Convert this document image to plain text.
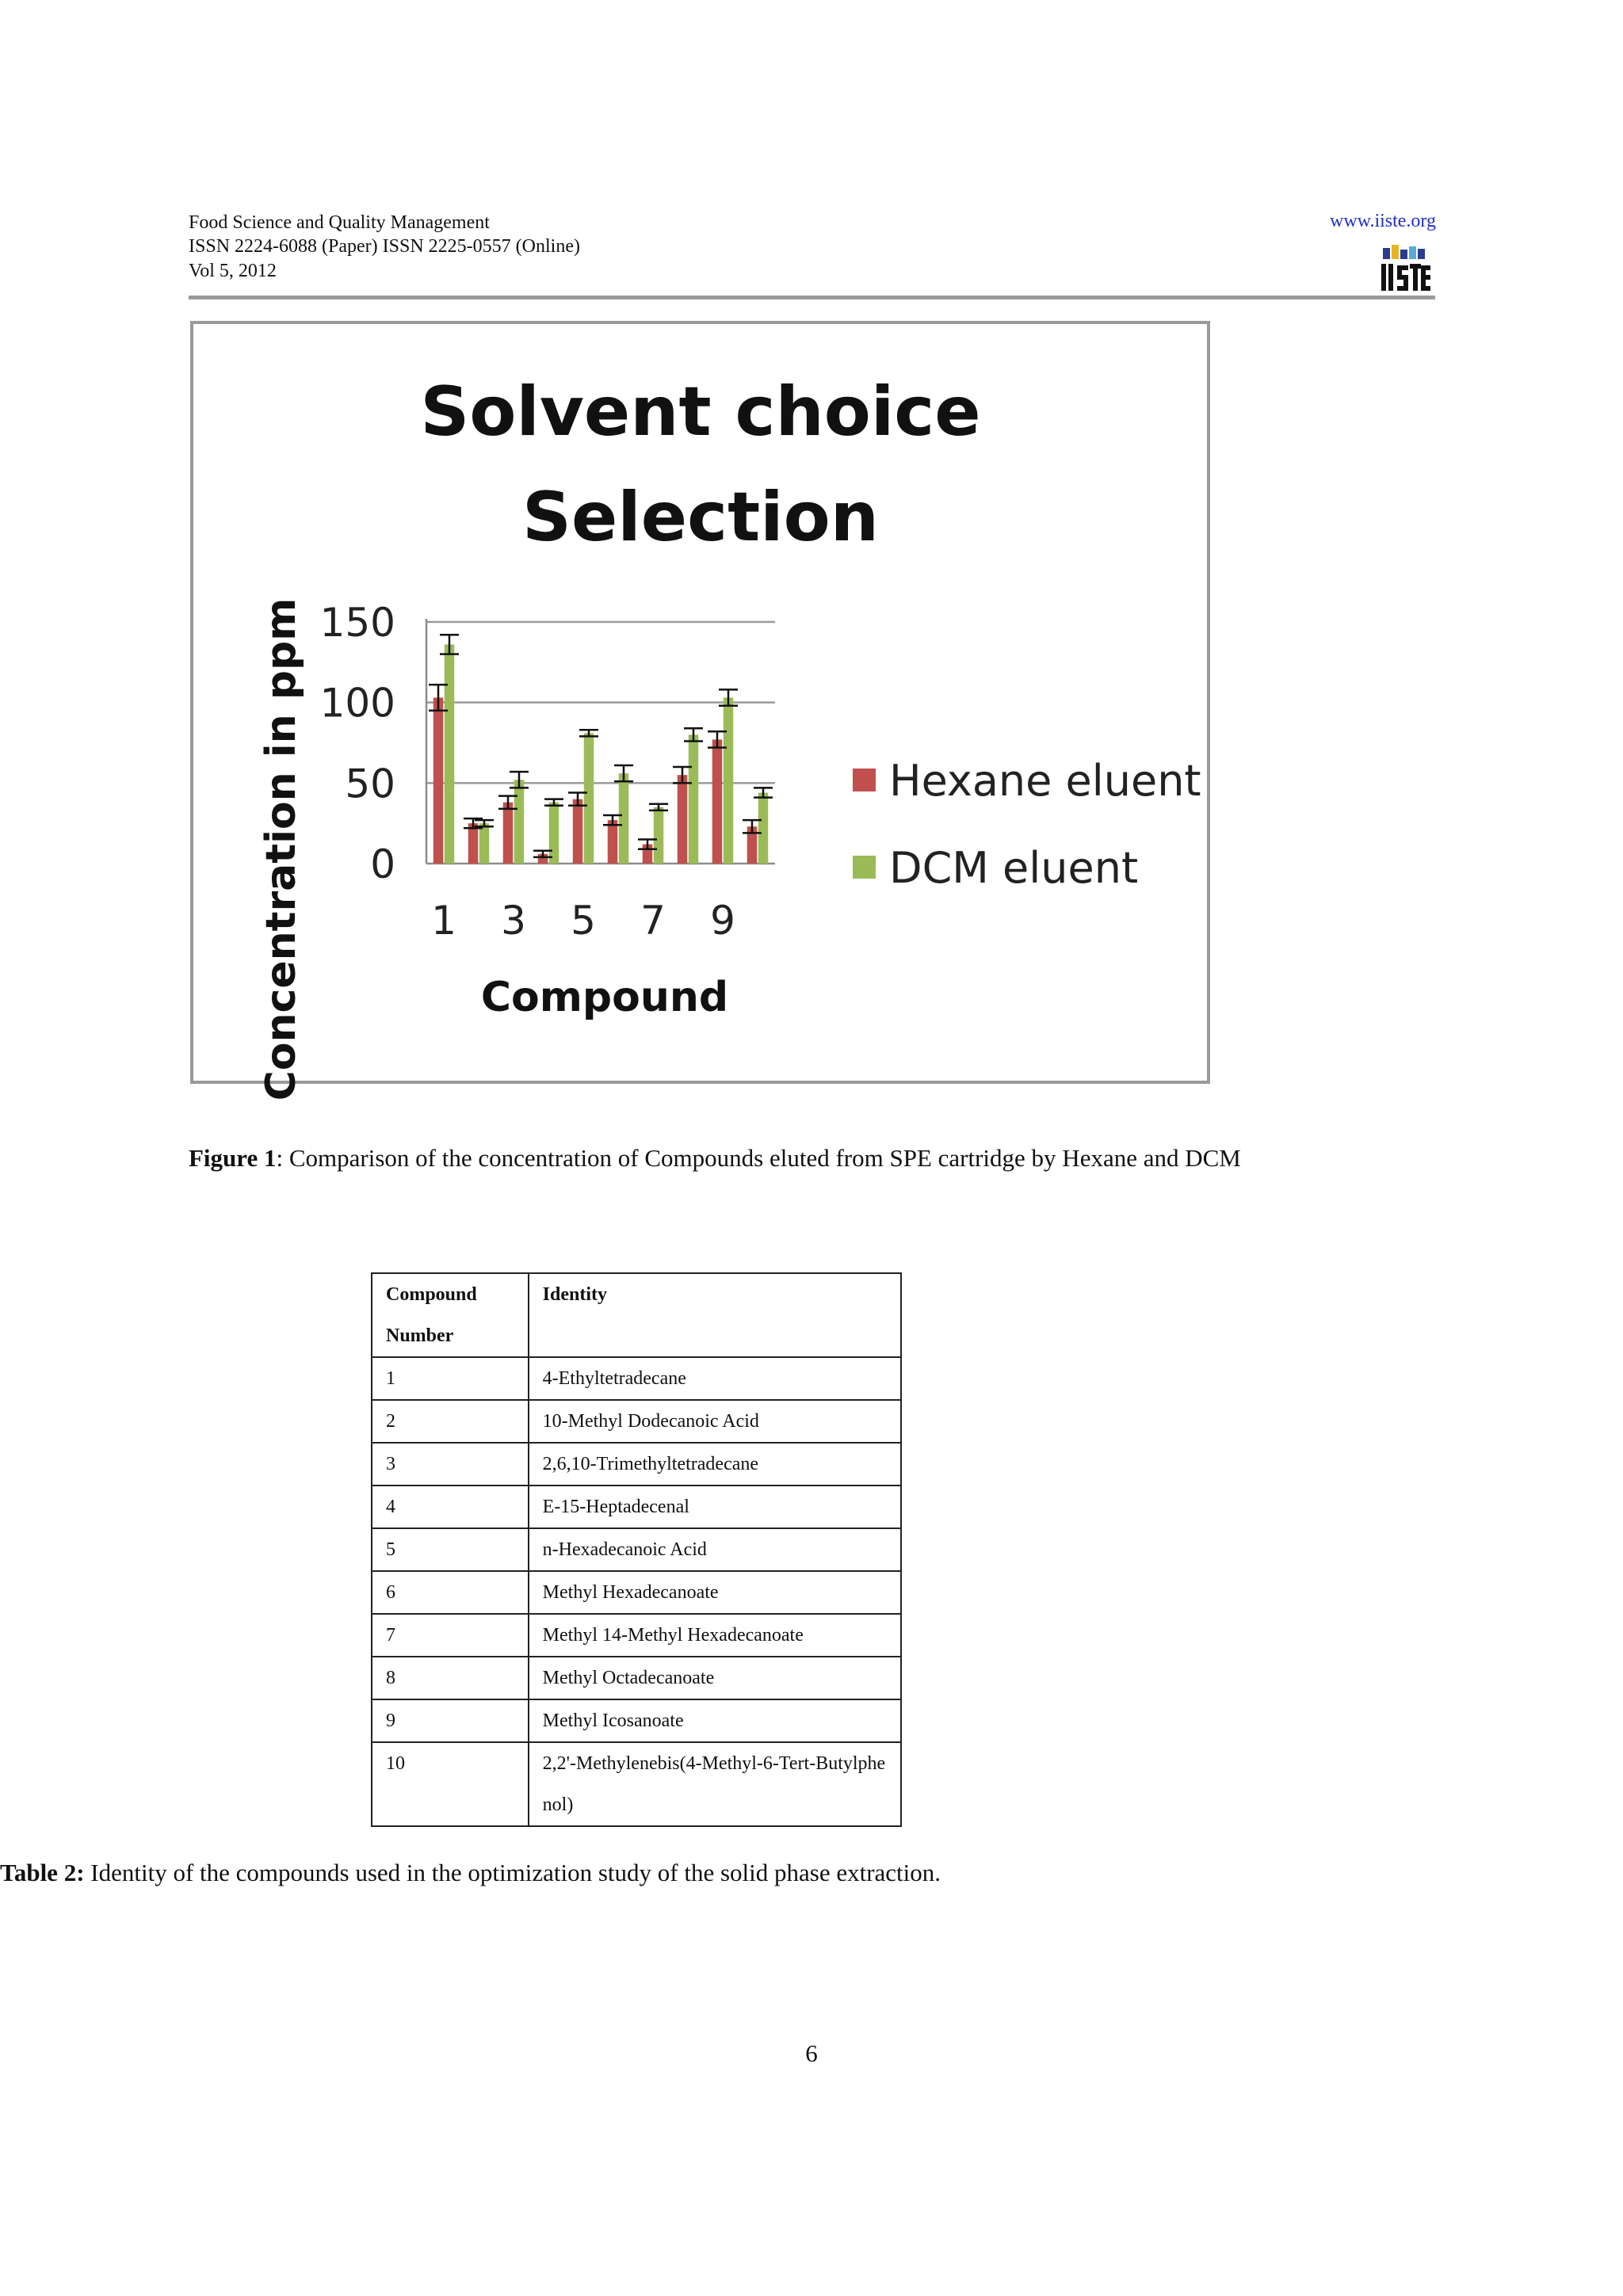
Food Science and Quality Management
ISSN 2224-6088 (Paper) ISSN 2225-0557 (Online)
Vol 5, 2012
www.iiste.org
Solvent choice
Selection
0
50
100
150
1 3 5 7 9
Compound
Concentration in ppm	Hexane eluent
DCM eluent
Figure 1: Comparison of the concentration of Compounds eluted from SPE cartridge by Hexane and DCM
Compound Number	Identity
1	4-Ethyltetradecane
2	10-Methyl Dodecanoic Acid
3	2,6,10-Trimethyltetradecane
4	E-15-Heptadecenal
5	n-Hexadecanoic Acid
6	Methyl Hexadecanoate
7	Methyl 14-Methyl Hexadecanoate
8	Methyl Octadecanoate
9	Methyl Icosanoate
10	2,2'-Methylenebis(4-Methyl-6-Tert-Butylphenol)
Table 2: Identity of the compounds used in the optimization study of the solid phase extraction.
6
